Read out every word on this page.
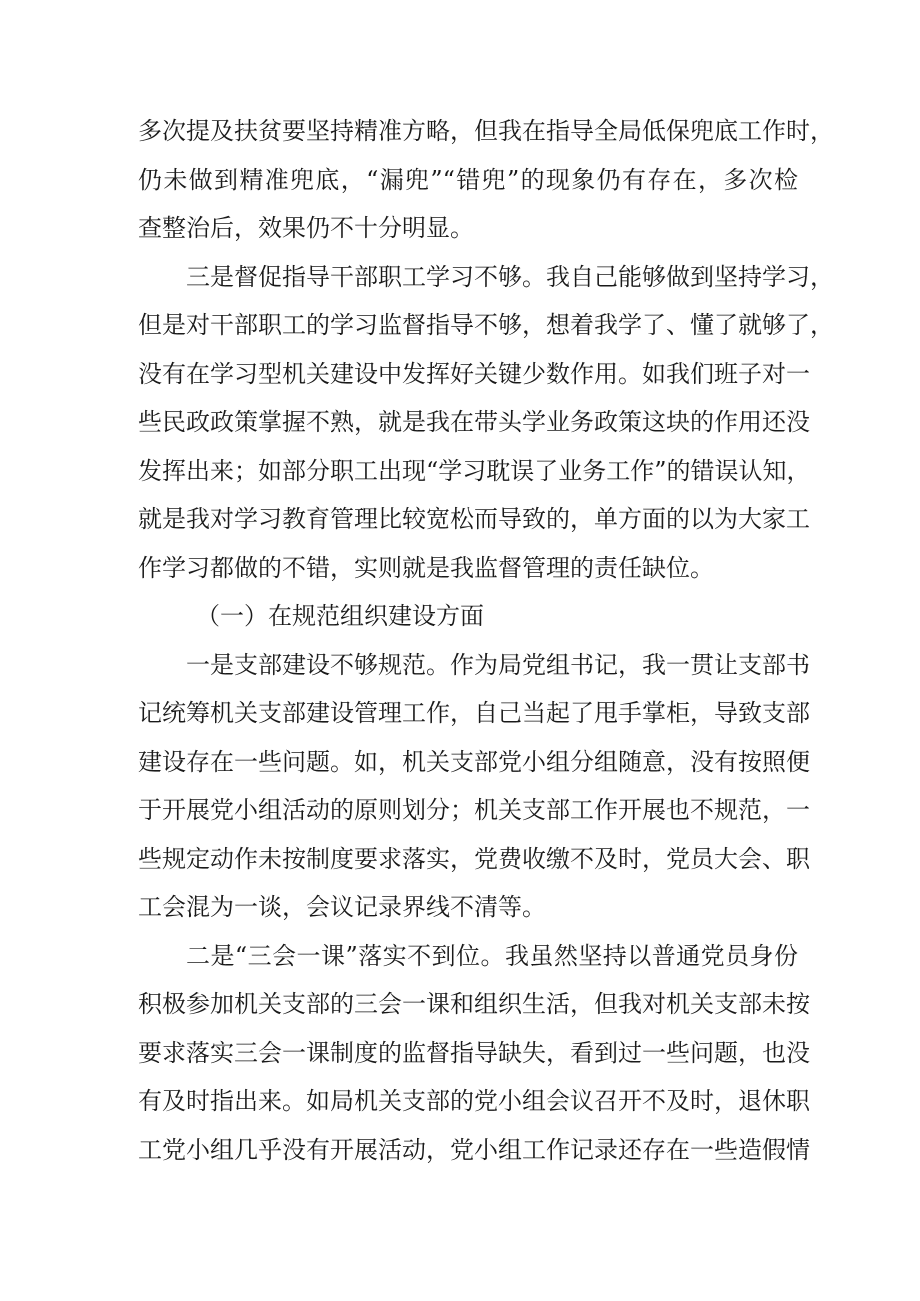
多次提及扶贫要坚持精准方略，但我在指导全局低保兜底工作时，
仍未做到精准兜底，“漏兜”“错兜”的现象仍有存在，多次检
查整治后，效果仍不十分明显。
三是督促指导干部职工学习不够。我自己能够做到坚持学习，
但是对干部职工的学习监督指导不够，想着我学了、懂了就够了，
没有在学习型机关建设中发挥好关键少数作用。如我们班子对一
些民政政策掌握不熟，就是我在带头学业务政策这块的作用还没
发挥出来；如部分职工出现“学习耽误了业务工作”的错误认知，
就是我对学习教育管理比较宽松而导致的，单方面的以为大家工
作学习都做的不错，实则就是我监督管理的责任缺位。
（一）在规范组织建设方面
一是支部建设不够规范。作为局党组书记，我一贯让支部书
记统筹机关支部建设管理工作，自己当起了甩手掌柜，导致支部
建设存在一些问题。如，机关支部党小组分组随意，没有按照便
于开展党小组活动的原则划分；机关支部工作开展也不规范，一
些规定动作未按制度要求落实，党费收缴不及时，党员大会、职
工会混为一谈，会议记录界线不清等。
二是“三会一课”落实不到位。我虽然坚持以普通党员身份
积极参加机关支部的三会一课和组织生活，但我对机关支部未按
要求落实三会一课制度的监督指导缺失，看到过一些问题，也没
有及时指出来。如局机关支部的党小组会议召开不及时，退休职
工党小组几乎没有开展活动，党小组工作记录还存在一些造假情
